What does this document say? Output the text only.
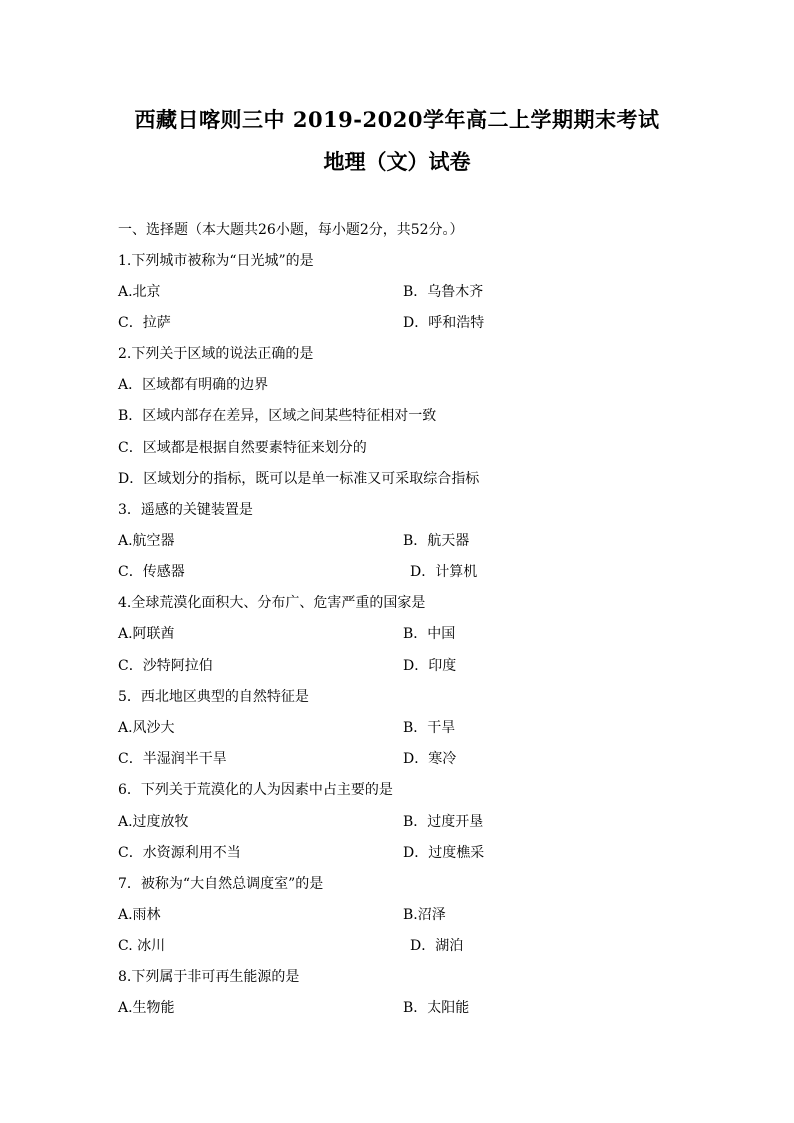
西藏日喀则三中 2019-2020学年高二上学期期末考试
地理（文）试卷
一、选择题（本大题共26小题，每小题2分，共52分。）
1.下列城市被称为“日光城”的是
A.北京	B．乌鲁木齐
C．拉萨	D．呼和浩特
2.下列关于区域的说法正确的是
A．区域都有明确的边界
B．区域内部存在差异，区域之间某些特征相对一致
C．区域都是根据自然要素特征来划分的
D．区域划分的指标，既可以是单一标准又可采取综合指标
3．遥感的关键装置是
A.航空器	B．航天器
C．传感器	D．计算机
4.全球荒漠化面积大、分布广、危害严重的国家是
A.阿联酋	B．中国
C．沙特阿拉伯	D．印度
5．西北地区典型的自然特征是
A.风沙大	B．干旱
C．半湿润半干旱	D．寒冷
6．下列关于荒漠化的人为因素中占主要的是
A.过度放牧	B．过度开垦
C．水资源利用不当	D．过度樵采
7．被称为“大自然总调度室”的是
A.雨林	B.沼泽
C. 冰川	D．湖泊
8.下列属于非可再生能源的是
A.生物能	B．太阳能
